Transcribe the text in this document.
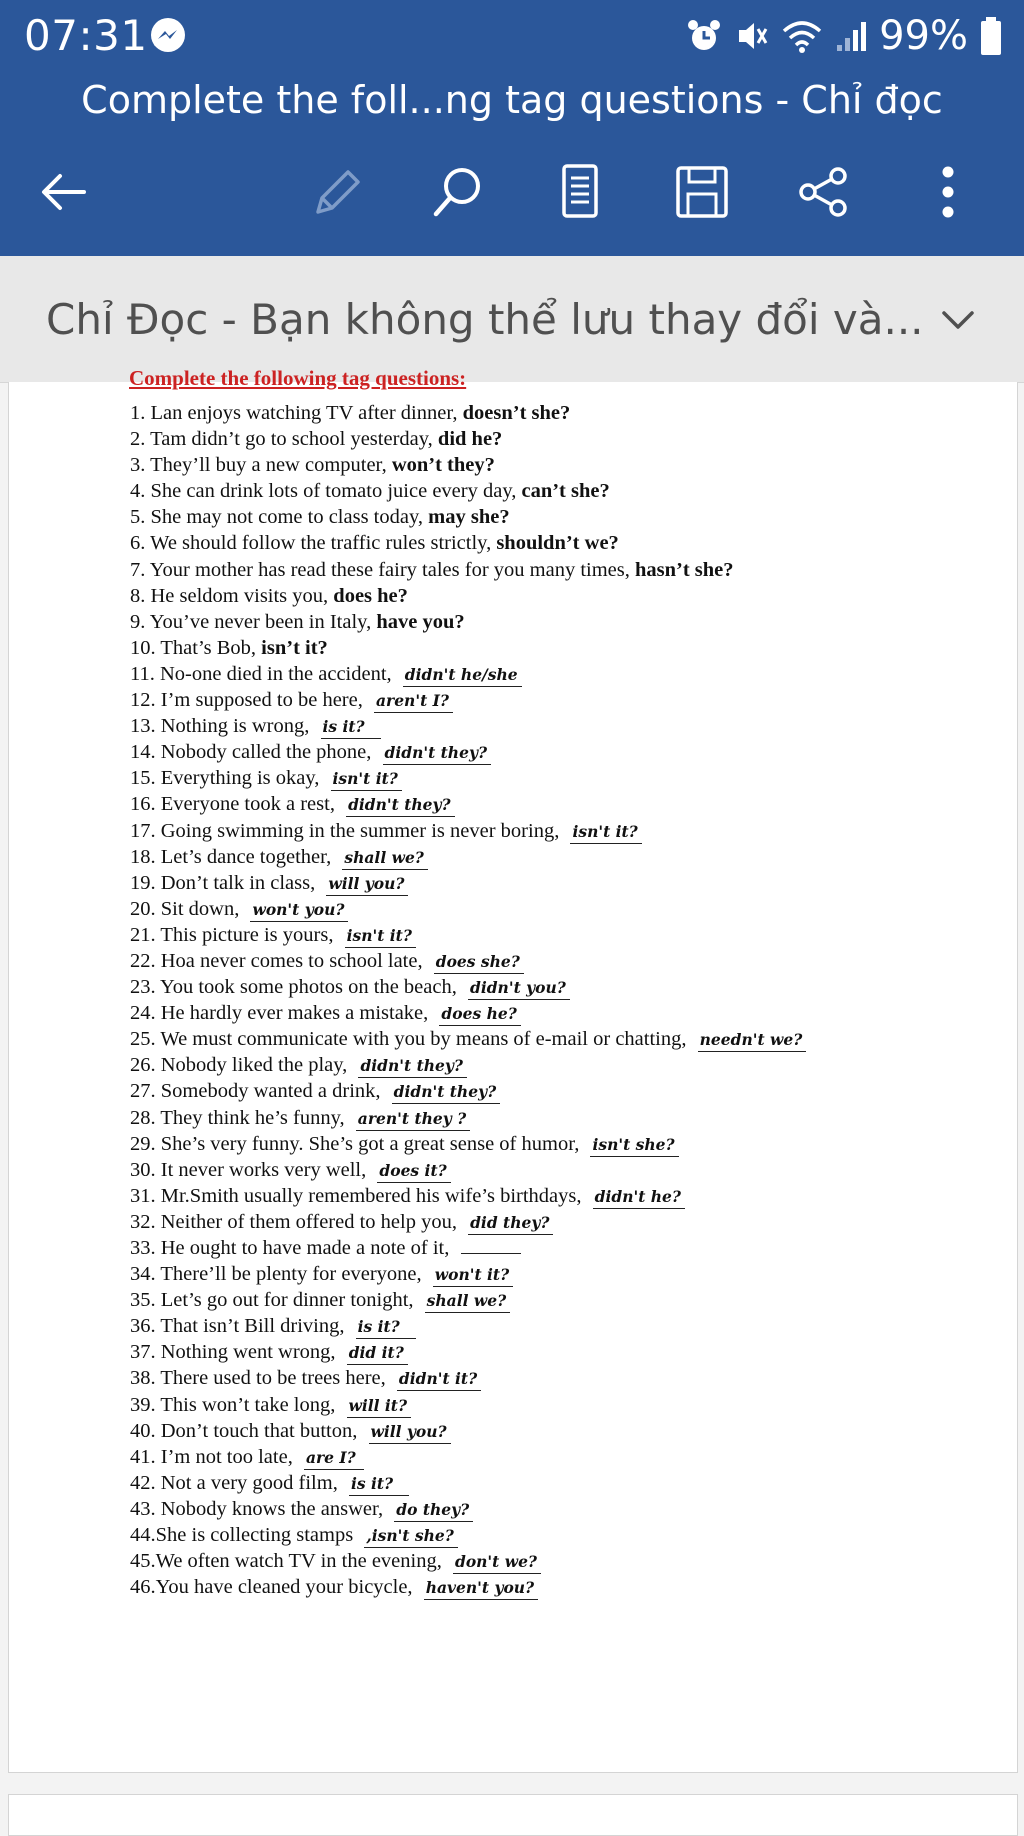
07:31	99%
Complete the foll...ng tag questions - Chỉ đọc
Chỉ Đọc - Bạn không thể lưu thay đổi và...
Complete the following tag questions:
1. Lan enjoys watching TV after dinner, doesn’t she?
2. Tam didn’t go to school yesterday, did he?
3. They’ll buy a new computer, won’t they?
4. She can drink lots of tomato juice every day, can’t she?
5. She may not come to class today, may she?
6. We should follow the traffic rules strictly, shouldn’t we?
7. Your mother has read these fairy tales for you many times, hasn’t she?
8. He seldom visits you, does he?
9. You’ve never been in Italy, have you?
10. That’s Bob, isn’t it?
11. No-one died in the accident, didn't he/she
12. I’m supposed to be here, aren't I?
13. Nothing is wrong, is it?
14. Nobody called the phone, didn't they?
15. Everything is okay, isn't it?
16. Everyone took a rest, didn't they?
17. Going swimming in the summer is never boring, isn't it?
18. Let’s dance together, shall we?
19. Don’t talk in class, will you?
20. Sit down, won't you?
21. This picture is yours, isn't it?
22. Hoa never comes to school late, does she?
23. You took some photos on the beach, didn't you?
24. He hardly ever makes a mistake, does he?
25. We must communicate with you by means of e-mail or chatting, needn't we?
26. Nobody liked the play, didn't they?
27. Somebody wanted a drink, didn't they?
28. They think he’s funny, aren't they ?
29. She’s very funny. She’s got a great sense of humor, isn't she?
30. It never works very well, does it?
31. Mr.Smith usually remembered his wife’s birthdays, didn't he?
32. Neither of them offered to help you, did they?
33. He ought to have made a note of it,
34. There’ll be plenty for everyone, won't it?
35. Let’s go out for dinner tonight, shall we?
36. That isn’t Bill driving, is it?
37. Nothing went wrong, did it?
38. There used to be trees here, didn't it?
39. This won’t take long, will it?
40. Don’t touch that button, will you?
41. I’m not too late, are I?
42. Not a very good film, is it?
43. Nobody knows the answer, do they?
44.She is collecting stamps ,isn't she?
45.We often watch TV in the evening, don't we?
46.You have cleaned your bicycle, haven't you?
